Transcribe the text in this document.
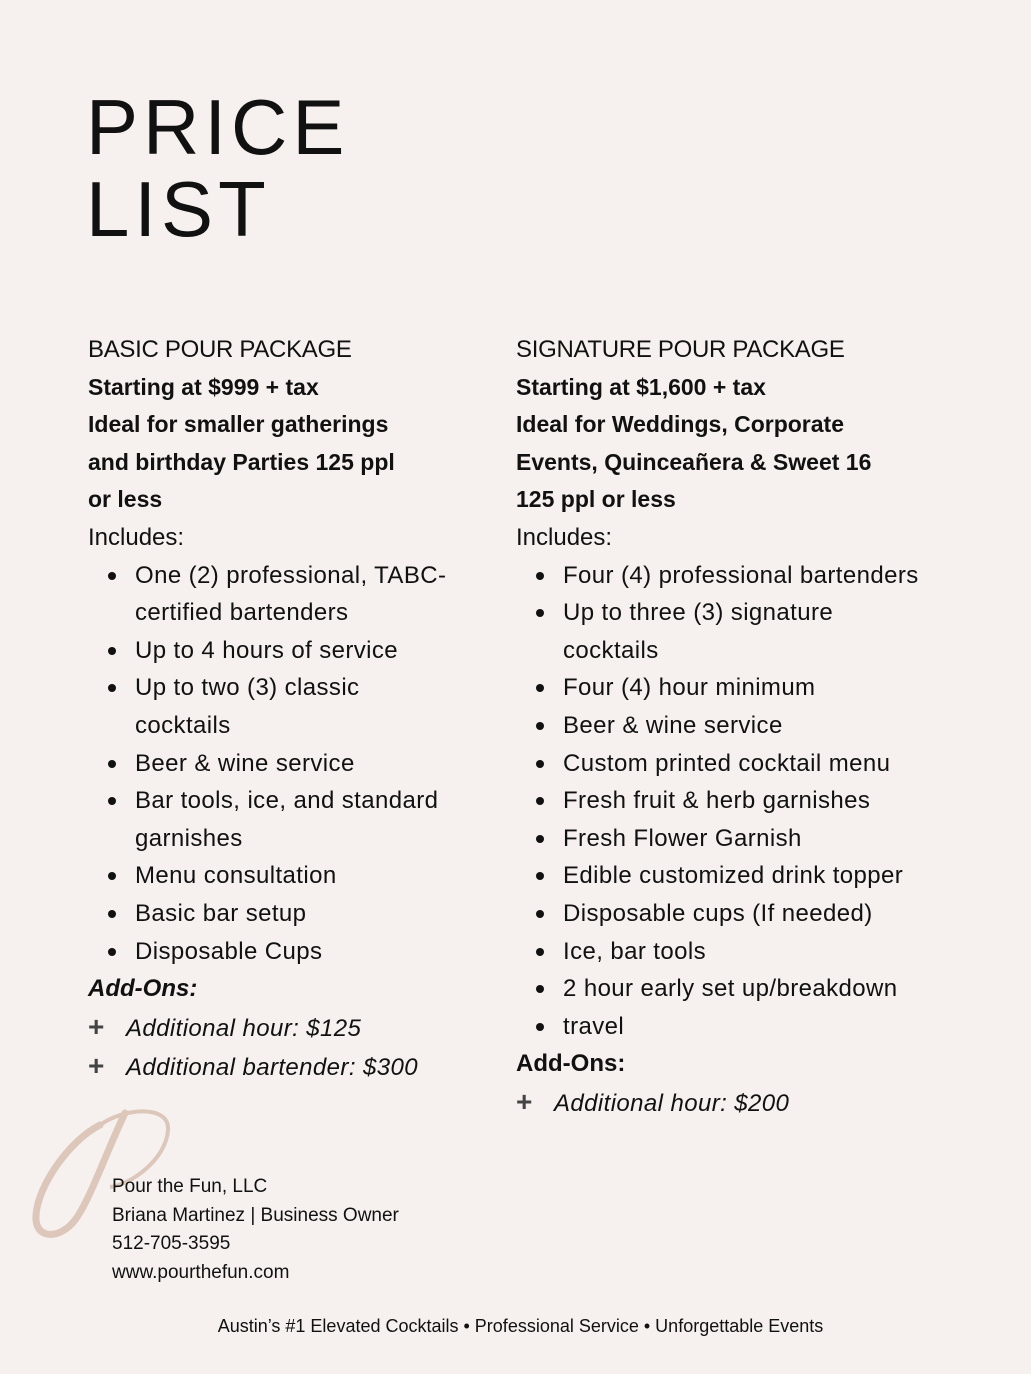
PRICE
LIST
BASIC POUR PACKAGE
Starting at $999 + tax
Ideal for smaller gatherings
and birthday Parties 125 ppl
or less
Includes:
One (2) professional, TABC-
certified bartenders
Up to 4 hours of service
Up to two (3) classic
cocktails
Beer & wine service
Bar tools, ice, and standard
garnishes
Menu consultation
Basic bar setup
Disposable Cups
Add-Ons:
+ Additional hour: $125
+ Additional bartender: $300
SIGNATURE POUR PACKAGE
Starting at $1,600 + tax
Ideal for Weddings, Corporate
Events, Quinceañera & Sweet 16
125 ppl or less
Includes:
Four (4) professional bartenders
Up to three (3) signature
cocktails
Four (4) hour minimum
Beer & wine service
Custom printed cocktail menu
Fresh fruit & herb garnishes
Fresh Flower Garnish
Edible customized drink topper
Disposable cups (If needed)
Ice, bar tools
2 hour early set up/breakdown
travel
Add-Ons:
+ Additional hour: $200
Pour the Fun, LLC
Briana Martinez | Business Owner
512-705-3595
www.pourthefun.com
Austin’s #1 Elevated Cocktails • Professional Service • Unforgettable Events
